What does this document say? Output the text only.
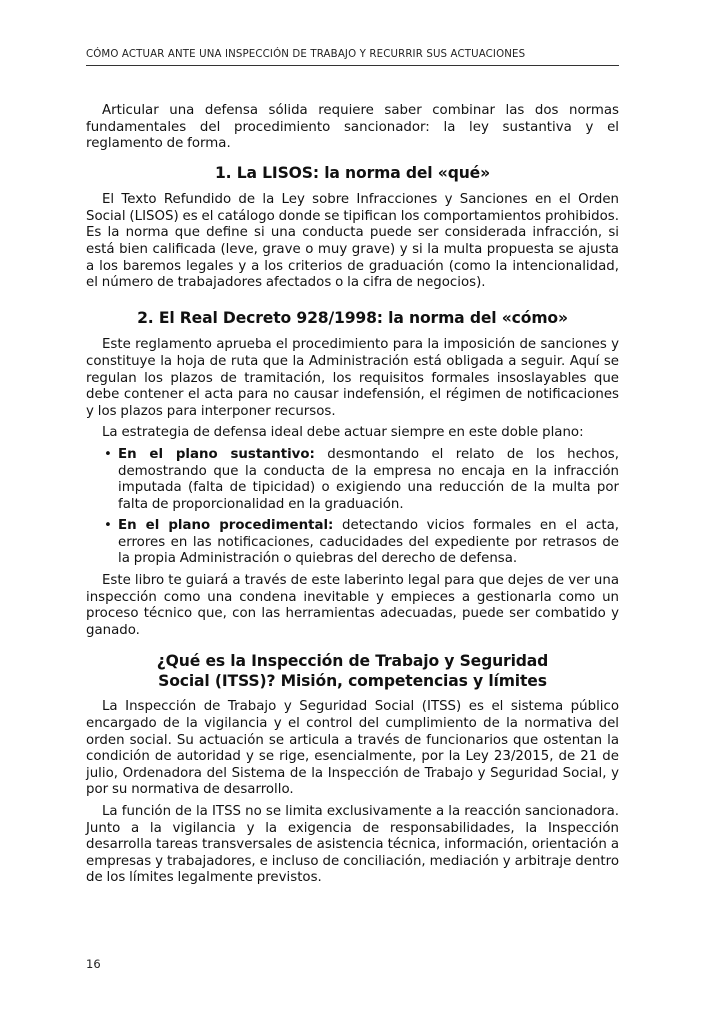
CÓMO ACTUAR ANTE UNA INSPECCIÓN DE TRABAJO Y RECURRIR SUS ACTUACIONES

Articular una defensa sólida requiere saber combinar las dos normas fundamentales del procedimiento sancionador: la ley sustantiva y el reglamento de forma.

1. La LISOS: la norma del «qué»

El Texto Refundido de la Ley sobre Infracciones y Sanciones en el Orden Social (LISOS) es el catálogo donde se tipifican los comportamientos prohibidos. Es la norma que define si una conducta puede ser considerada infracción, si está bien calificada (leve, grave o muy grave) y si la multa propuesta se ajusta a los baremos legales y a los criterios de graduación (como la intencionalidad, el número de trabajadores afectados o la cifra de negocios).

2. El Real Decreto 928/1998: la norma del «cómo»

Este reglamento aprueba el procedimiento para la imposición de sanciones y constituye la hoja de ruta que la Administración está obligada a seguir. Aquí se regulan los plazos de tramitación, los requisitos formales insoslayables que debe contener el acta para no causar indefensión, el régimen de notificaciones y los plazos para interponer recursos.

La estrategia de defensa ideal debe actuar siempre en este doble plano:

• En el plano sustantivo: desmontando el relato de los hechos, demostrando que la conducta de la empresa no encaja en la infracción imputada (falta de tipicidad) o exigiendo una reducción de la multa por falta de proporcionalidad en la graduación.
• En el plano procedimental: detectando vicios formales en el acta, errores en las notificaciones, caducidades del expediente por retrasos de la propia Administración o quiebras del derecho de defensa.

Este libro te guiará a través de este laberinto legal para que dejes de ver una inspección como una condena inevitable y empieces a gestionarla como un proceso técnico que, con las herramientas adecuadas, puede ser combatido y ganado.

¿Qué es la Inspección de Trabajo y Seguridad
Social (ITSS)? Misión, competencias y límites

La Inspección de Trabajo y Seguridad Social (ITSS) es el sistema público encargado de la vigilancia y el control del cumplimiento de la normativa del orden social. Su actuación se articula a través de funcionarios que ostentan la condición de autoridad y se rige, esencialmente, por la Ley 23/2015, de 21 de julio, Ordenadora del Sistema de la Inspección de Trabajo y Seguridad Social, y por su normativa de desarrollo.

La función de la ITSS no se limita exclusivamente a la reacción sancionadora. Junto a la vigilancia y la exigencia de responsabilidades, la Inspección desarrolla tareas transversales de asistencia técnica, información, orientación a empresas y trabajadores, e incluso de conciliación, mediación y arbitraje dentro de los límites legalmente previstos.

16
